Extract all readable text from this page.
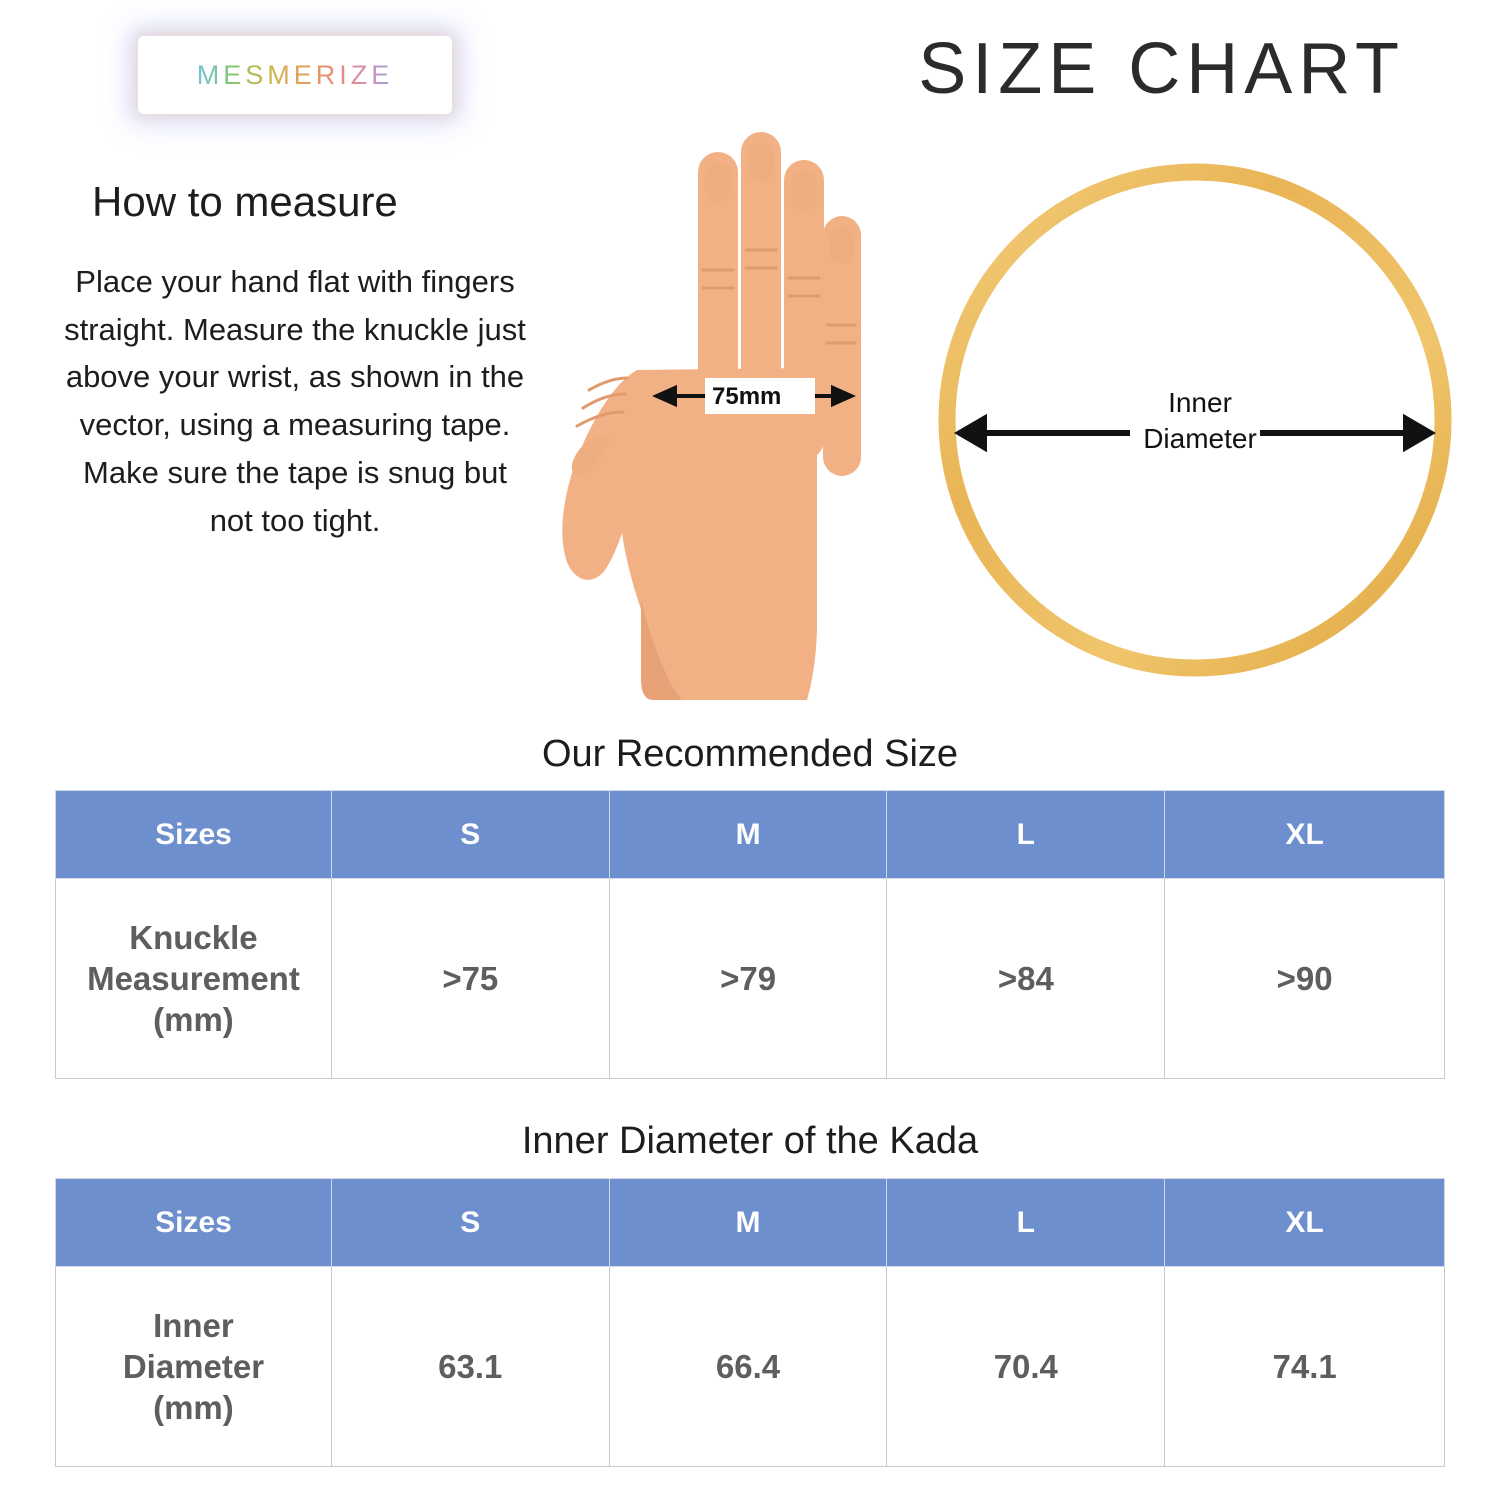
MESMERIZE	SIZE CHART
How to measure
Place your hand flat with fingers straight. Measure the knuckle just above your wrist, as shown in the vector, using a measuring tape. Make sure the tape is snug but not too tight.
75mm	Inner
Diameter
Our Recommended Size
Sizes	S	M	L	XL

Knuckle
Measurement
(mm)	>75	>79	>84	>90
Inner Diameter of the Kada
Sizes	S	M	L	XL

Inner
Diameter
(mm)	63.1	66.4	70.4	74.1
